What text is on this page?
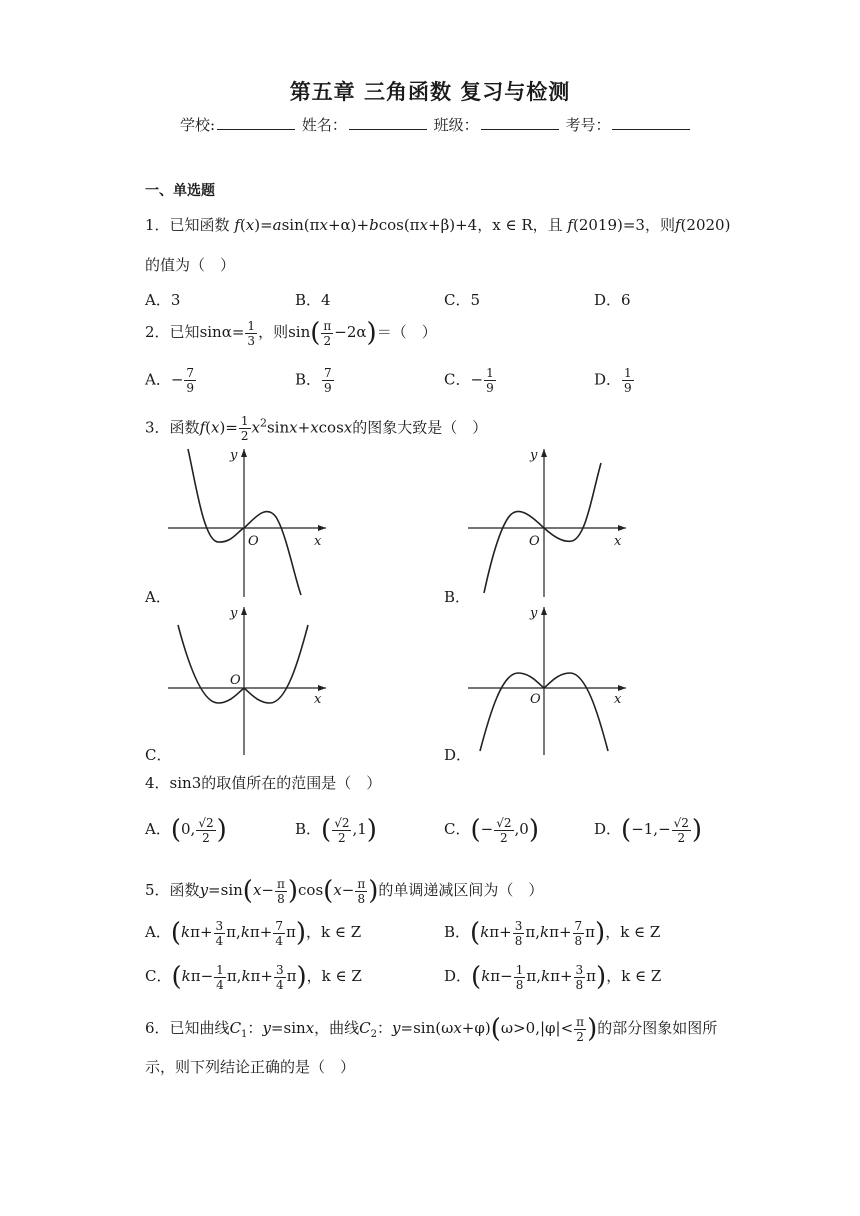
第五章 三角函数 复习与检测
学校:	姓名：	班级：	考号：
一、单选题
1．已知函数 f(x)=asin(πx+α)+bcos(πx+β)+4，x ∈ R，且 f(2019)=3，则f(2020)
的值为（　）
A．3	B．4	C．5	D．6
2．已知$\sin\alpha= \frac{1}{3}$ ，则$\sin( \frac{\pi}{2} -2\alpha)=$（　）
A．− $\frac{7}{9}$	B． $\frac{7}{9}$	C．− $\frac{1}{9}$	D． $\frac{1}{9}$
3．函数$f(x)= \frac{1}{2} x^2\sin x+xcosx$的图象大致是（　）
y
x
O
A．
y
x
O
B．
y
x
O
C．
y
x
O
D．
4．sin3的取值所在的范围是（　）
A．(0, $\frac{√2}{2}$ )	B．( $\frac{√2}{2} ,1$)	C．(− $\frac{√2}{2} ,0$)	D．($-1,- \frac{√2}{2}$ )
5．函数$y=\sin(x- \frac{\pi}{8} )\cos(x- \frac{\pi}{8}$ )的单调递减区间为（　）
A．$(k\pi+ \frac{3}{4} \pi,k\pi+ \frac{7}{4} \pi)$，k ∈ Z	B．$(k\pi+ \frac{3}{8} \pi,k\pi+ \frac{7}{8} \pi)$，k ∈ Z
C．$(k\pi- \frac{1}{4} \pi,k\pi+ \frac{3}{4} \pi)$，k ∈ Z	D．$(k\pi- \frac{1}{8} \pi,k\pi+ \frac{3}{8} \pi)$，k ∈ Z
6．已知曲线$C_1$：y=sinx，曲线$C_2$：$y=\sin(\omega x+\varphi)(\omega>0,|\varphi|< \frac{\pi}{2}$ )的部分图象如图所
示，则下列结论正确的是（　）
